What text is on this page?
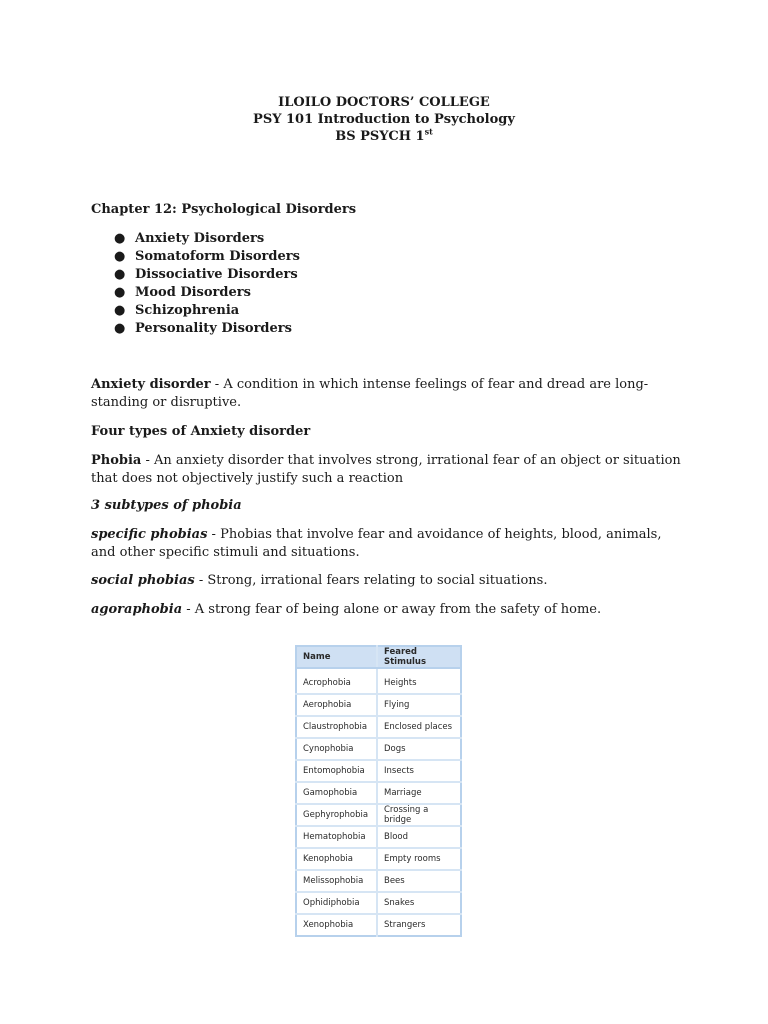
ILOILO DOCTORS’ COLLEGE
PSY 101 Introduction to Psychology
BS PSYCH 1st
Chapter 12: Psychological Disorders
● Anxiety Disorders
● Somatoform Disorders
● Dissociative Disorders
● Mood Disorders
● Schizophrenia
● Personality Disorders
Anxiety disorder - A condition in which intense feelings of fear and dread are long-standing or disruptive.
Four types of Anxiety disorder
Phobia - An anxiety disorder that involves strong, irrational fear of an object or situation that does not objectively justify such a reaction
3 subtypes of phobia
specific phobias - Phobias that involve fear and avoidance of heights, blood, animals, and other specific stimuli and situations.
social phobias - Strong, irrational fears relating to social situations.
agoraphobia - A strong fear of being alone or away from the safety of home.
Name	Feared Stimulus
Acrophobia	Heights
Aerophobia	Flying
Claustrophobia	Enclosed places
Cynophobia	Dogs
Entomophobia	Insects
Gamophobia	Marriage
Gephyrophobia	Crossing a bridge
Hematophobia	Blood
Kenophobia	Empty rooms
Melissophobia	Bees
Ophidiphobia	Snakes
Xenophobia	Strangers
